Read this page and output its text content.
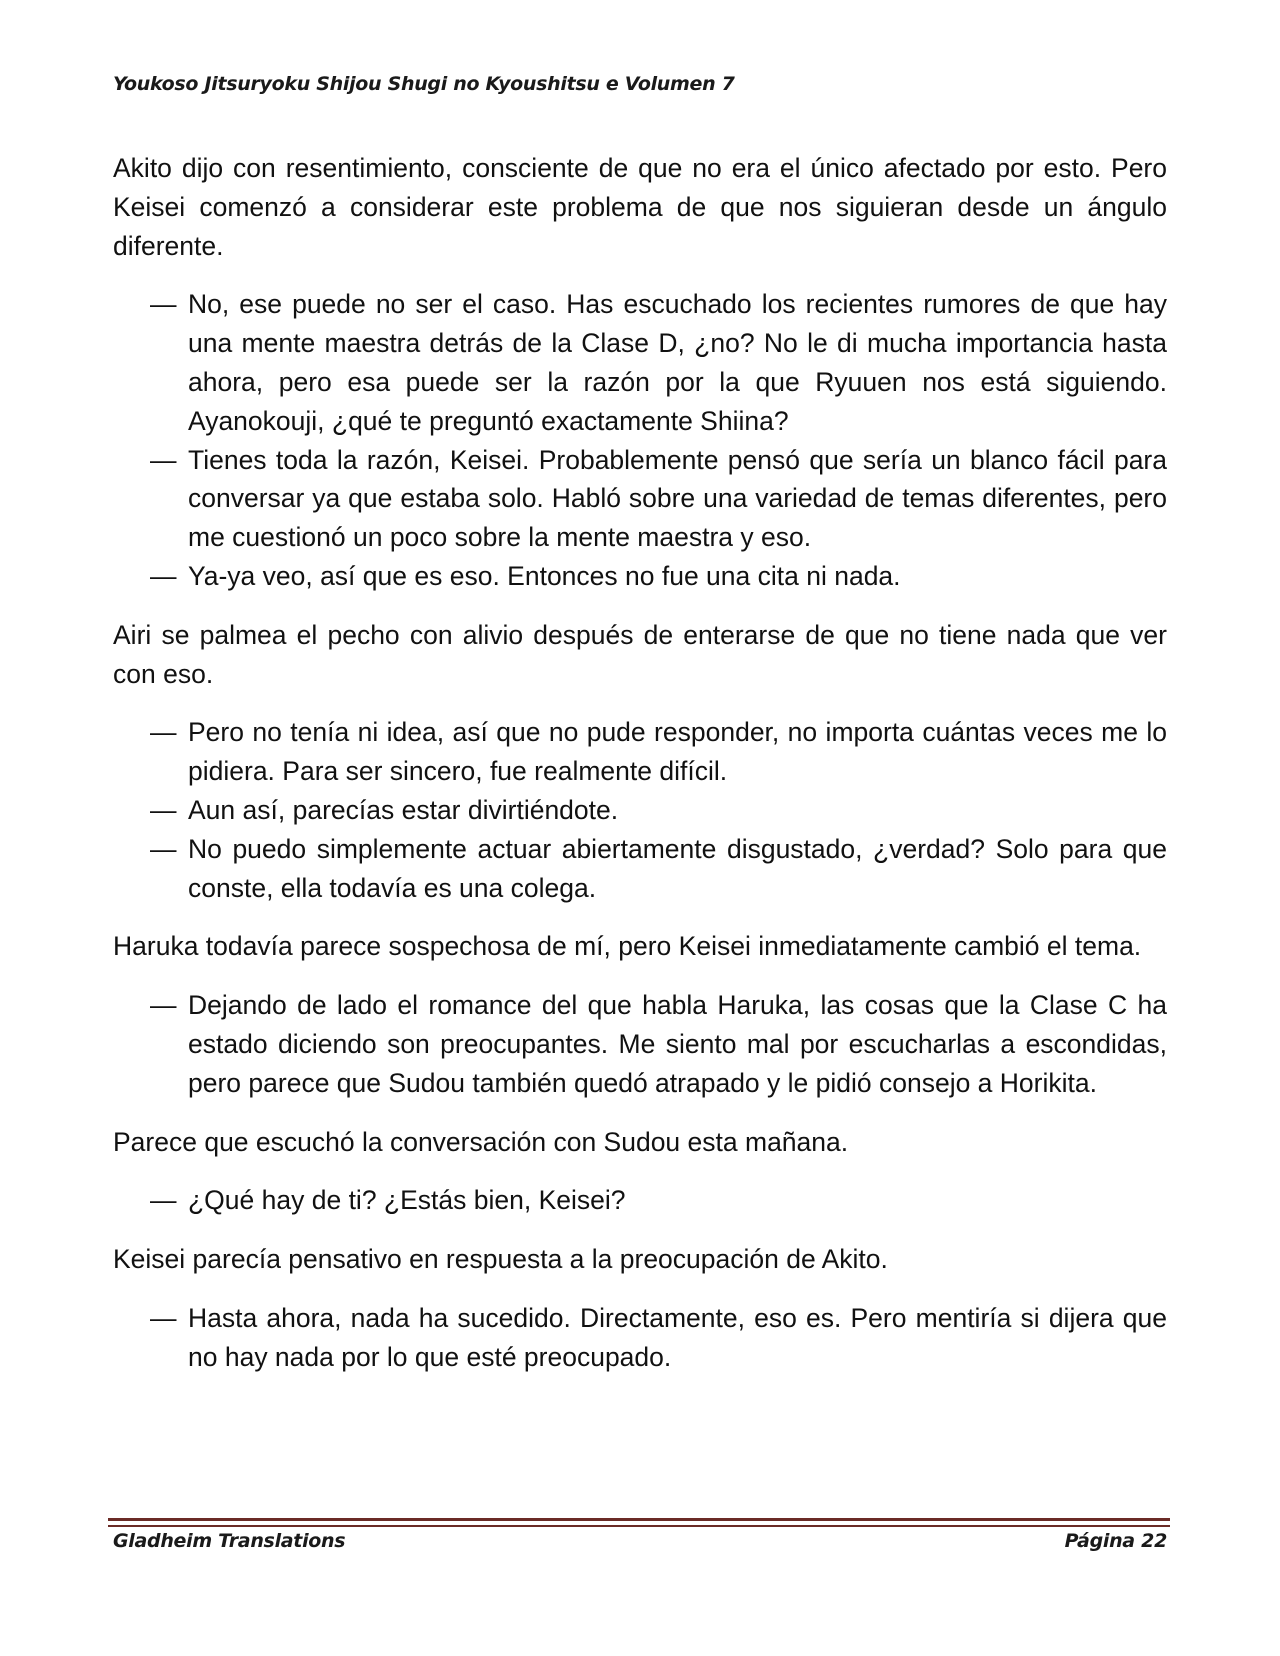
Youkoso Jitsuryoku Shijou Shugi no Kyoushitsu e Volumen 7

Akito dijo con resentimiento, consciente de que no era el único afectado por esto. Pero Keisei comenzó a considerar este problema de que nos siguieran desde un ángulo diferente.

— No, ese puede no ser el caso. Has escuchado los recientes rumores de que hay una mente maestra detrás de la Clase D, ¿no? No le di mucha importancia hasta ahora, pero esa puede ser la razón por la que Ryuuen nos está siguiendo. Ayanokouji, ¿qué te preguntó exactamente Shiina?

— Tienes toda la razón, Keisei. Probablemente pensó que sería un blanco fácil para conversar ya que estaba solo. Habló sobre una variedad de temas diferentes, pero me cuestionó un poco sobre la mente maestra y eso.

— Ya-ya veo, así que es eso. Entonces no fue una cita ni nada.

Airi se palmea el pecho con alivio después de enterarse de que no tiene nada que ver con eso.

— Pero no tenía ni idea, así que no pude responder, no importa cuántas veces me lo pidiera. Para ser sincero, fue realmente difícil.

— Aun así, parecías estar divirtiéndote.

— No puedo simplemente actuar abiertamente disgustado, ¿verdad? Solo para que conste, ella todavía es una colega.

Haruka todavía parece sospechosa de mí, pero Keisei inmediatamente cambió el tema.

— Dejando de lado el romance del que habla Haruka, las cosas que la Clase C ha estado diciendo son preocupantes. Me siento mal por escucharlas a escondidas, pero parece que Sudou también quedó atrapado y le pidió consejo a Horikita.

Parece que escuchó la conversación con Sudou esta mañana.

— ¿Qué hay de ti? ¿Estás bien, Keisei?

Keisei parecía pensativo en respuesta a la preocupación de Akito.

— Hasta ahora, nada ha sucedido. Directamente, eso es. Pero mentiría si dijera que no hay nada por lo que esté preocupado.

Gladheim Translations	Página 22
